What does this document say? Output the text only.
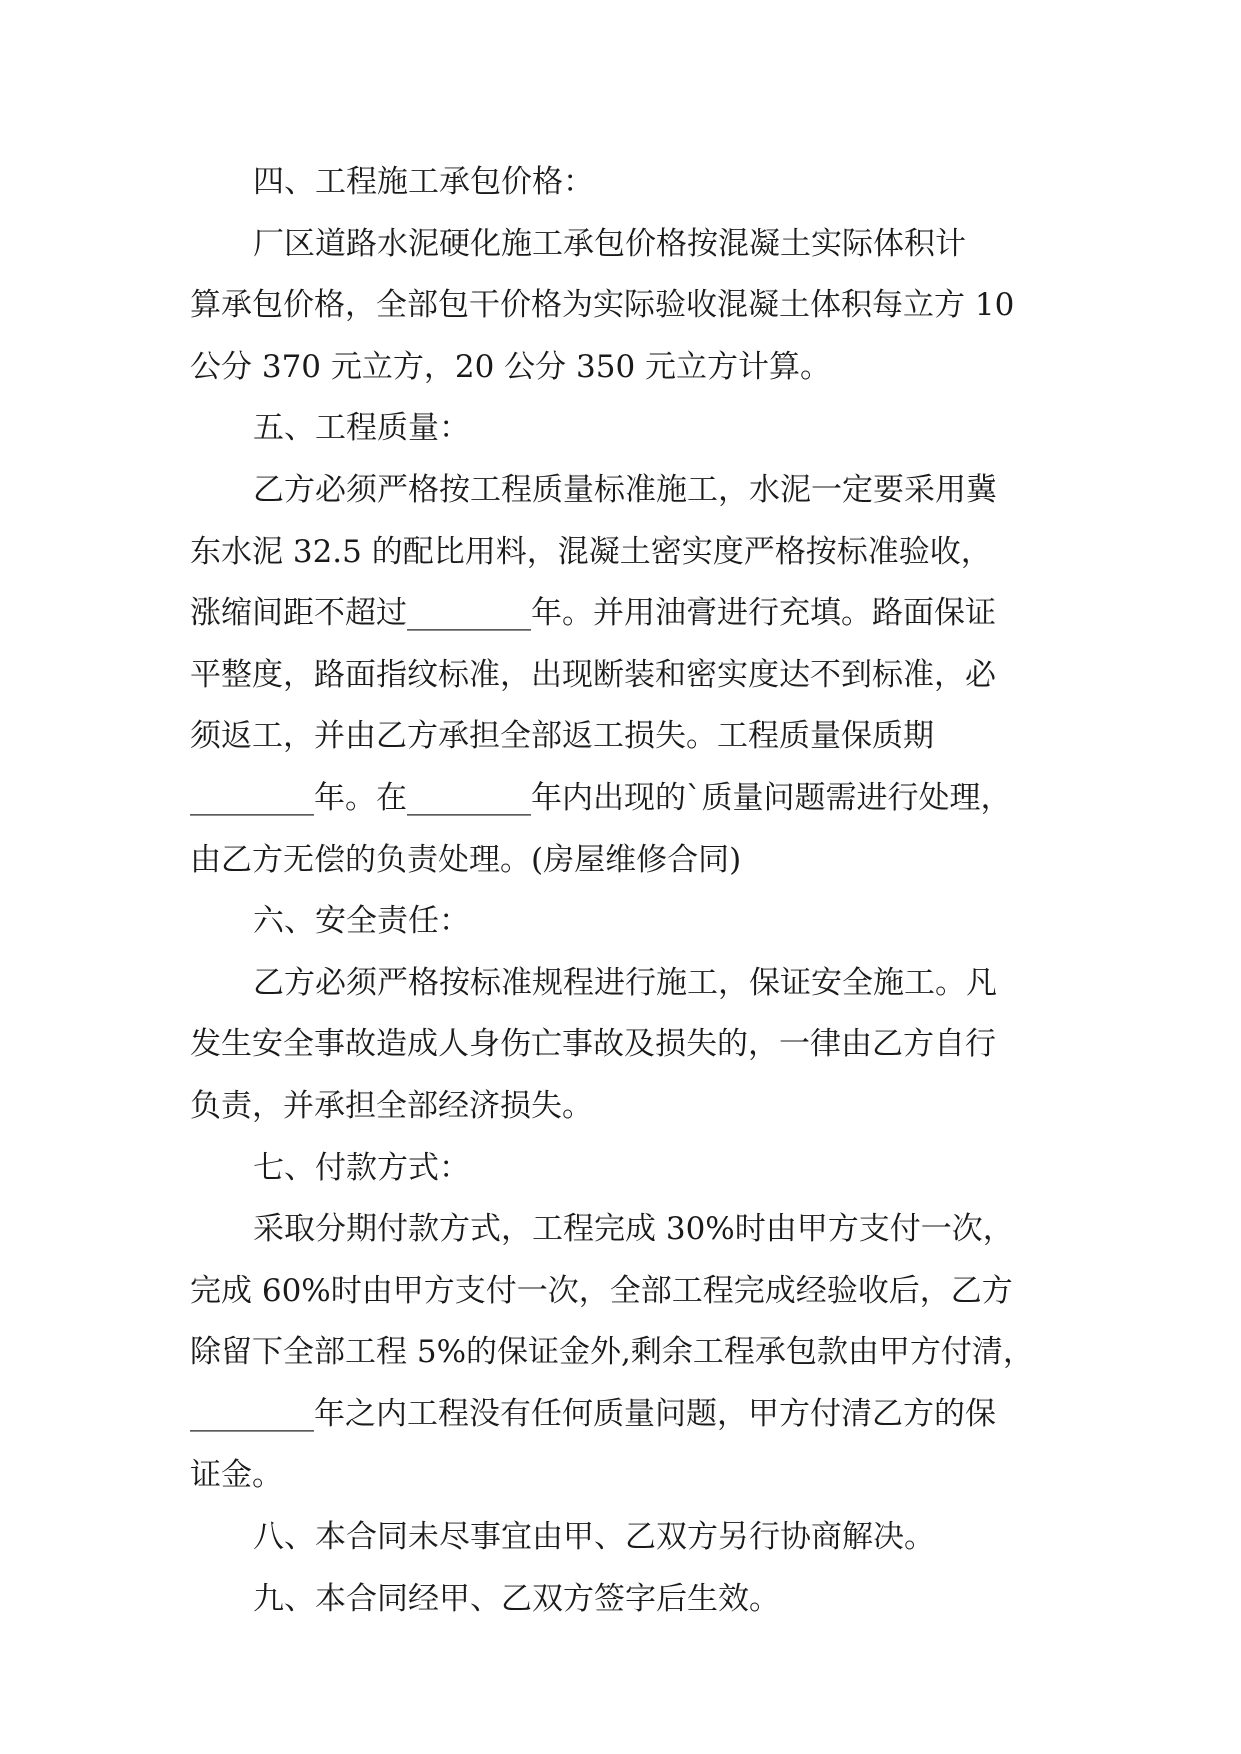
四、工程施工承包价格：
厂区道路水泥硬化施工承包价格按混凝土实际体积计
算承包价格，全部包干价格为实际验收混凝土体积每立方 10
公分 370 元立方，20 公分 350 元立方计算。
五、工程质量：
乙方必须严格按工程质量标准施工，水泥一定要采用冀
东水泥 32.5 的配比用料，混凝土密实度严格按标准验收，
涨缩间距不超过________年。并用油膏进行充填。路面保证
平整度，路面指纹标准，出现断装和密实度达不到标准，必
须返工，并由乙方承担全部返工损失。工程质量保质期
________年。在________年内出现的`质量问题需进行处理，
由乙方无偿的负责处理。(房屋维修合同)
六、安全责任：
乙方必须严格按标准规程进行施工，保证安全施工。凡
发生安全事故造成人身伤亡事故及损失的，一律由乙方自行
负责，并承担全部经济损失。
七、付款方式：
采取分期付款方式，工程完成 30%时由甲方支付一次，
完成 60%时由甲方支付一次，全部工程完成经验收后，乙方
除留下全部工程 5%的保证金外,剩余工程承包款由甲方付清，
________年之内工程没有任何质量问题，甲方付清乙方的保
证金。
八、本合同未尽事宜由甲、乙双方另行协商解决。
九、本合同经甲、乙双方签字后生效。
